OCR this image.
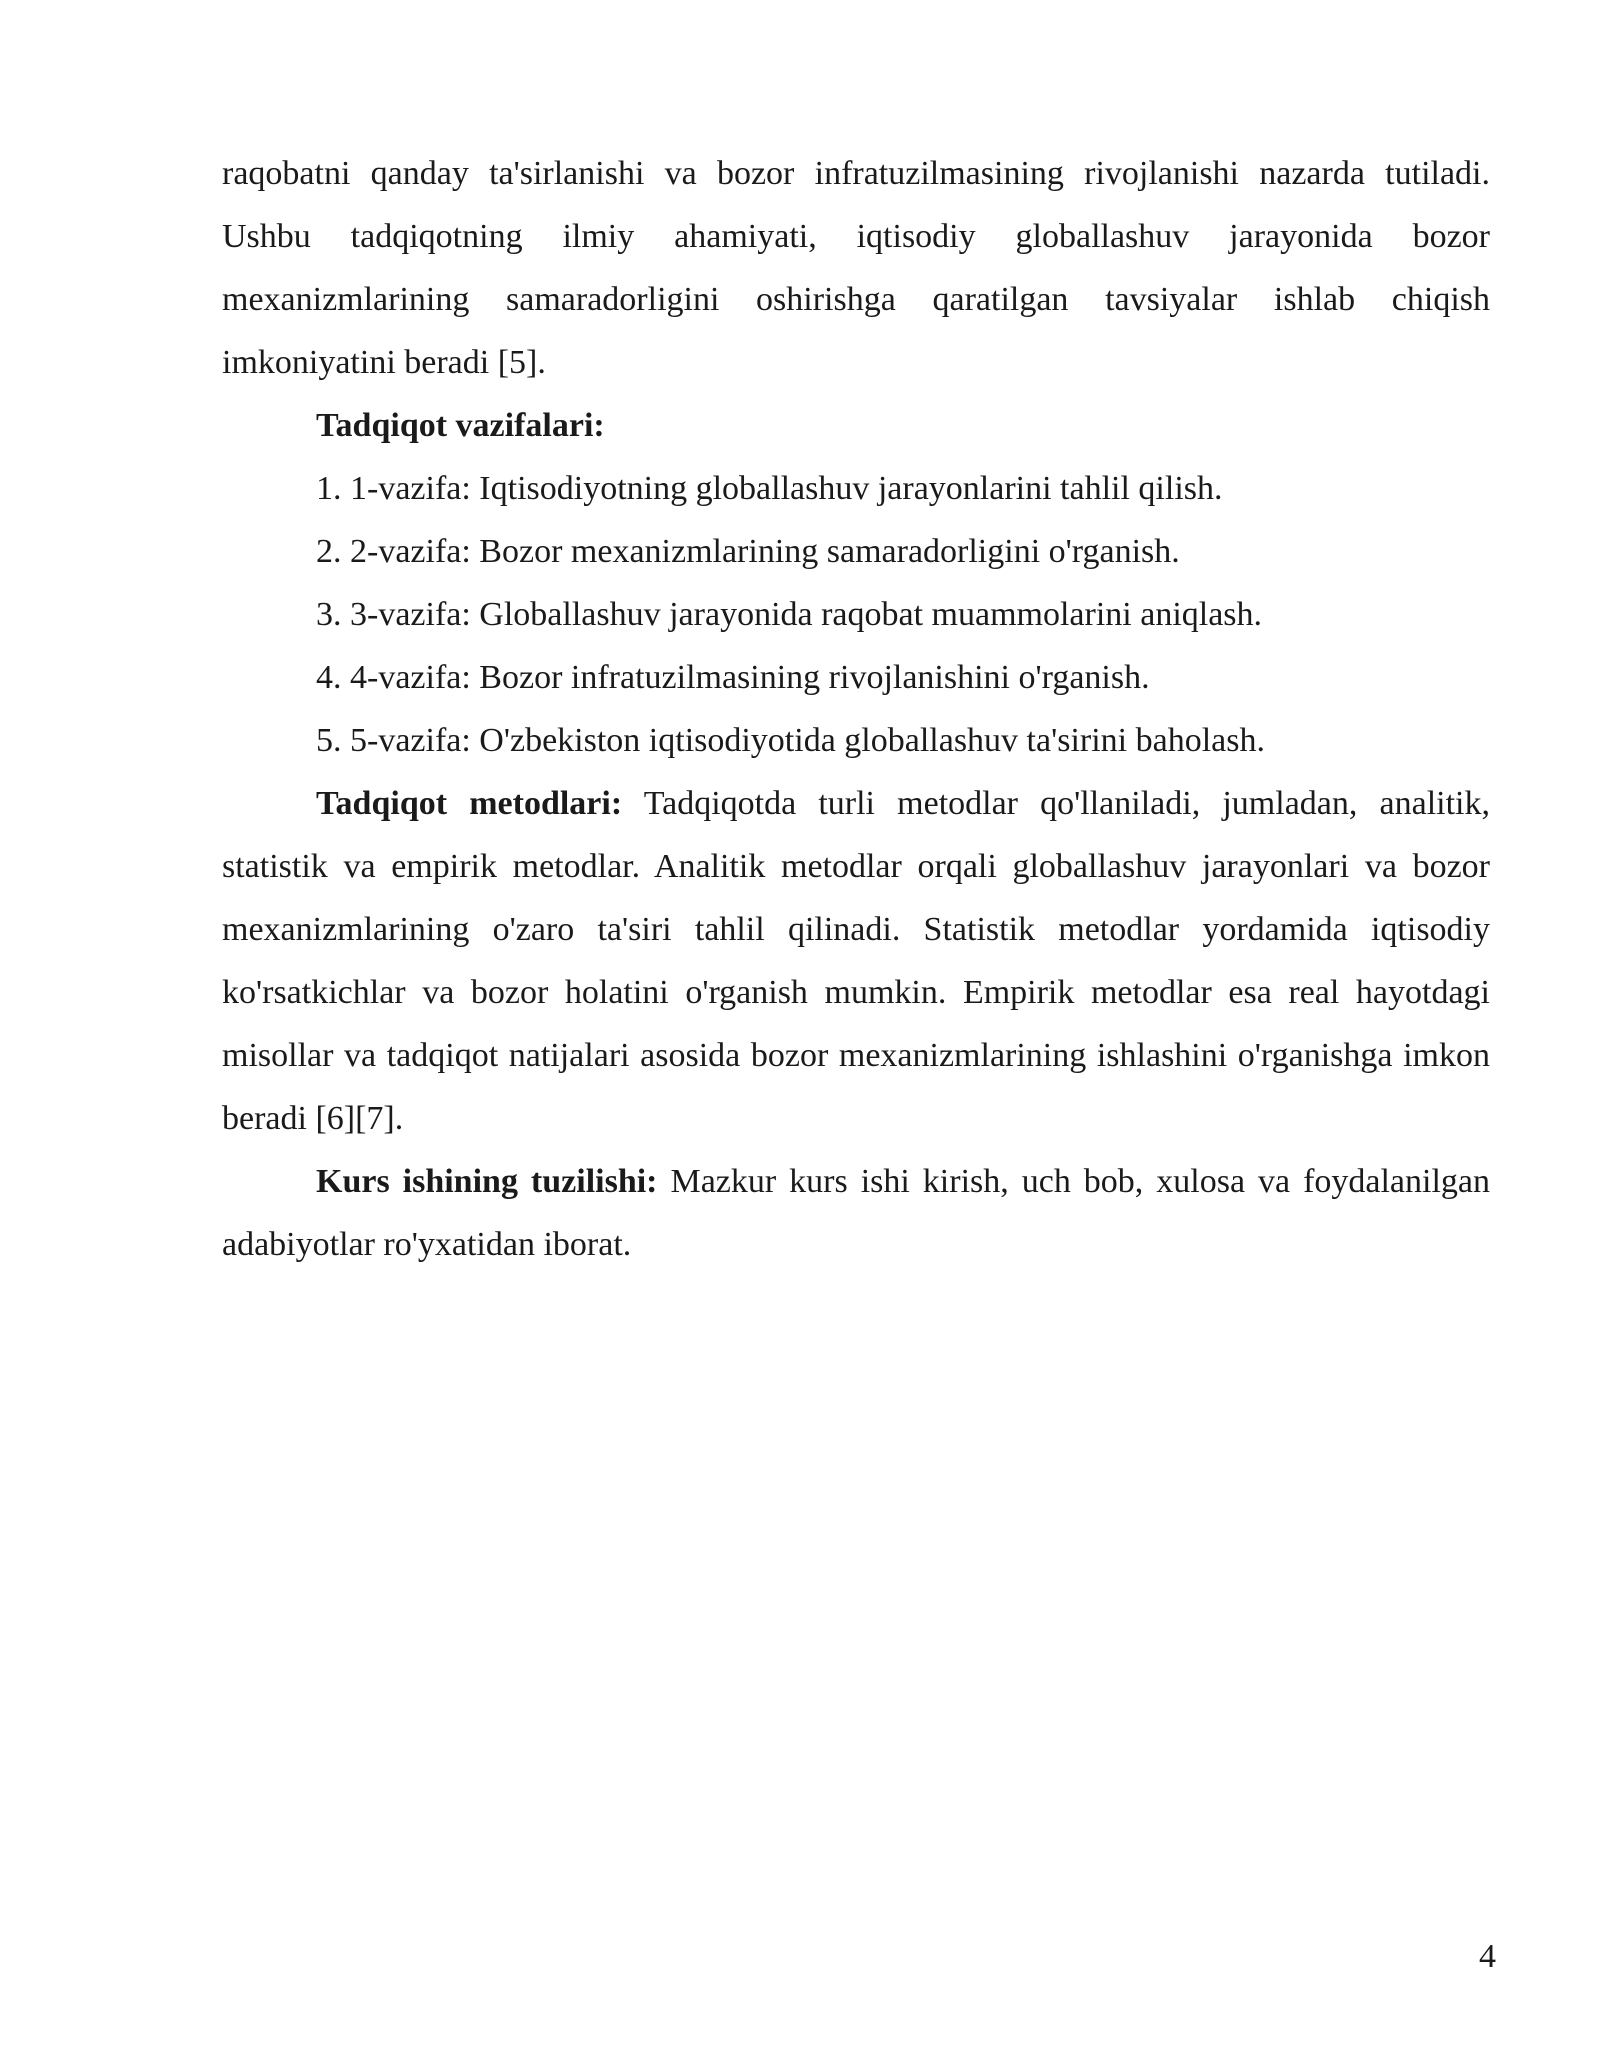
raqobatni qanday ta'sirlanishi va bozor infratuzilmasining rivojlanishi nazarda tutiladi. Ushbu tadqiqotning ilmiy ahamiyati, iqtisodiy globallashuv jarayonida bozor mexanizmlarining samaradorligini oshirishga qaratilgan tavsiyalar ishlab chiqish imkoniyatini beradi [5].

Tadqiqot vazifalari:

1. 1-vazifa: Iqtisodiyotning globallashuv jarayonlarini tahlil qilish.

2. 2-vazifa: Bozor mexanizmlarining samaradorligini o'rganish.

3. 3-vazifa: Globallashuv jarayonida raqobat muammolarini aniqlash.

4. 4-vazifa: Bozor infratuzilmasining rivojlanishini o'rganish.

5. 5-vazifa: O'zbekiston iqtisodiyotida globallashuv ta'sirini baholash.

Tadqiqot metodlari: Tadqiqotda turli metodlar qo'llaniladi, jumladan, analitik, statistik va empirik metodlar. Analitik metodlar orqali globallashuv jarayonlari va bozor mexanizmlarining o'zaro ta'siri tahlil qilinadi. Statistik metodlar yordamida iqtisodiy ko'rsatkichlar va bozor holatini o'rganish mumkin. Empirik metodlar esa real hayotdagi misollar va tadqiqot natijalari asosida bozor mexanizmlarining ishlashini o'rganishga imkon beradi [6][7].

Kurs ishining tuzilishi: Mazkur kurs ishi kirish, uch bob, xulosa va foydalanilgan adabiyotlar ro'yxatidan iborat.

4
